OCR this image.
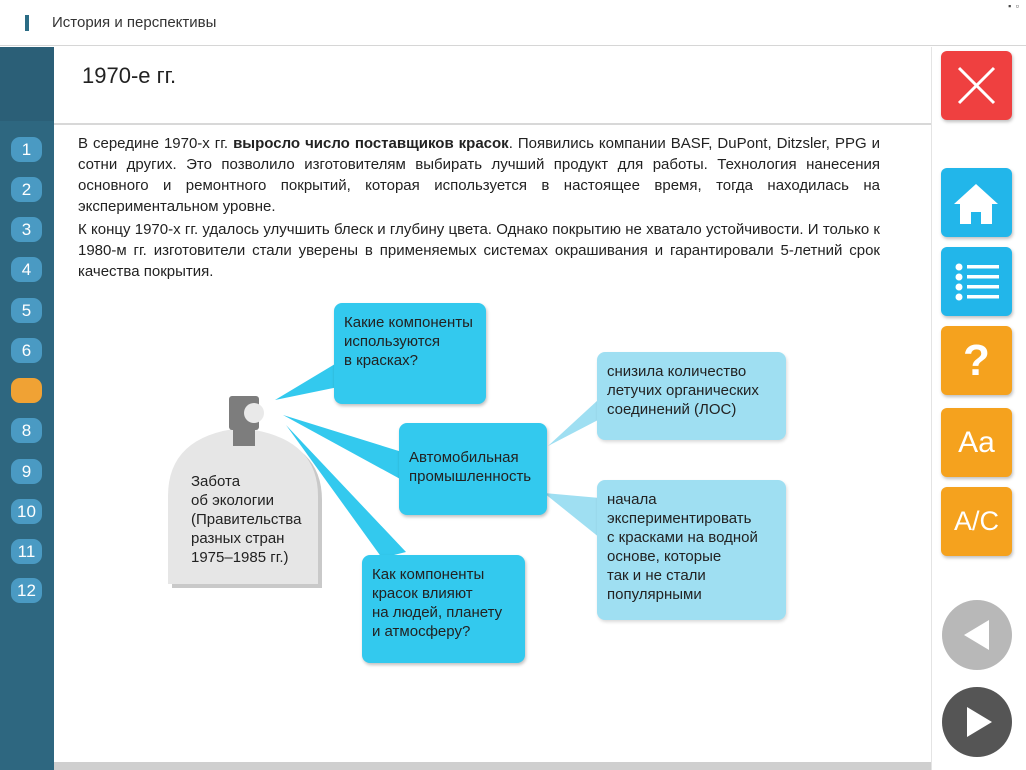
История и перспективы
▪ ▫
1
2
3
4
5
6
8
9
10
11
12
1970-е гг.

В середине 1970-х гг. выросло число поставщиков красок. Появились компании BASF, DuPont, Ditzsler, PPG и сотни других. Это позволило изготовителям выбирать лучший продукт для работы. Технология нанесения основного и ремонтного покрытий, которая используется в настоящее время, тогда находилась на экспериментальном уровне.

К концу 1970-х гг. удалось улучшить блеск и глубину цвета. Однако покрытию не хватало устойчивости. И только к 1980-м гг. изготовители стали уверены в применяемых системах окрашивания и гарантировали 5-летний срок качества покрытия.

Забота
об экологии
(Правительства
разных стран
1975–1985 гг.)
Какие компоненты
используются
в красках?
Автомобильная
промышленность
Как компоненты
красок влияют
на людей, планету
и атмосферу?
снизила количество
летучих органических
соединений (ЛОС)
начала
экспериментировать
с красками на водной
основе, которые
так и не стали
популярными
?
Aa
A/C
